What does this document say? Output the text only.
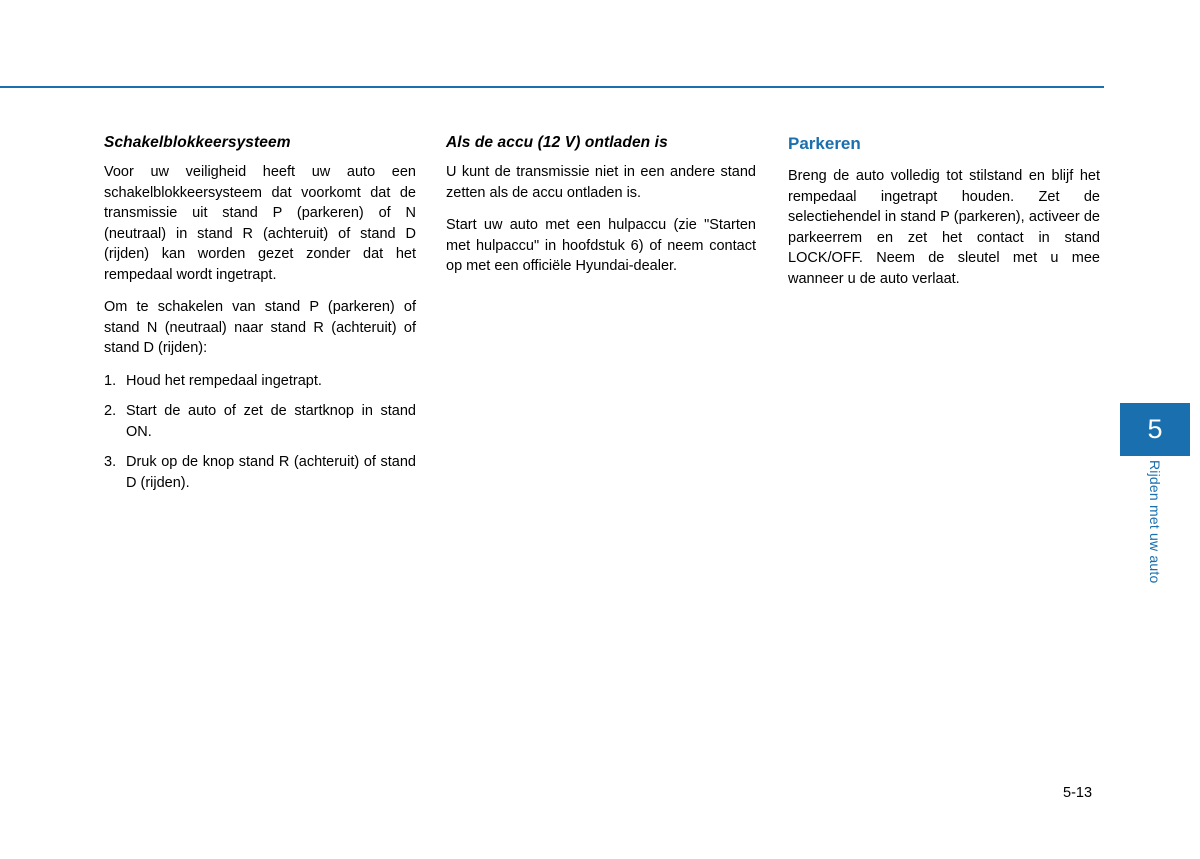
Schakelblokkeersysteem

Voor uw veiligheid heeft uw auto een schakelblokkeersysteem dat voorkomt dat de transmissie uit stand P (parkeren) of N (neutraal) in stand R (achteruit) of stand D (rijden) kan worden gezet zonder dat het rempedaal wordt ingetrapt.

Om te schakelen van stand P (parkeren) of stand N (neutraal) naar stand R (achteruit) of stand D (rijden):

1. Houd het rempedaal ingetrapt.
2. Start de auto of zet de startknop in stand ON.
3. Druk op de knop stand R (achteruit) of stand D (rijden).
Als de accu (12 V) ontladen is

U kunt de transmissie niet in een andere stand zetten als de accu ontladen is.

Start uw auto met een hulpaccu (zie "Starten met hulpaccu" in hoofdstuk 6) of neem contact op met een officiële Hyundai-dealer.

Parkeren

Breng de auto volledig tot stilstand en blijf het rempedaal ingetrapt houden. Zet de selectiehendel in stand P (parkeren), activeer de parkeerrem en zet het contact in stand LOCK/OFF. Neem de sleutel met u mee wanneer u de auto verlaat.

5
Rijden met uw auto
5-13
